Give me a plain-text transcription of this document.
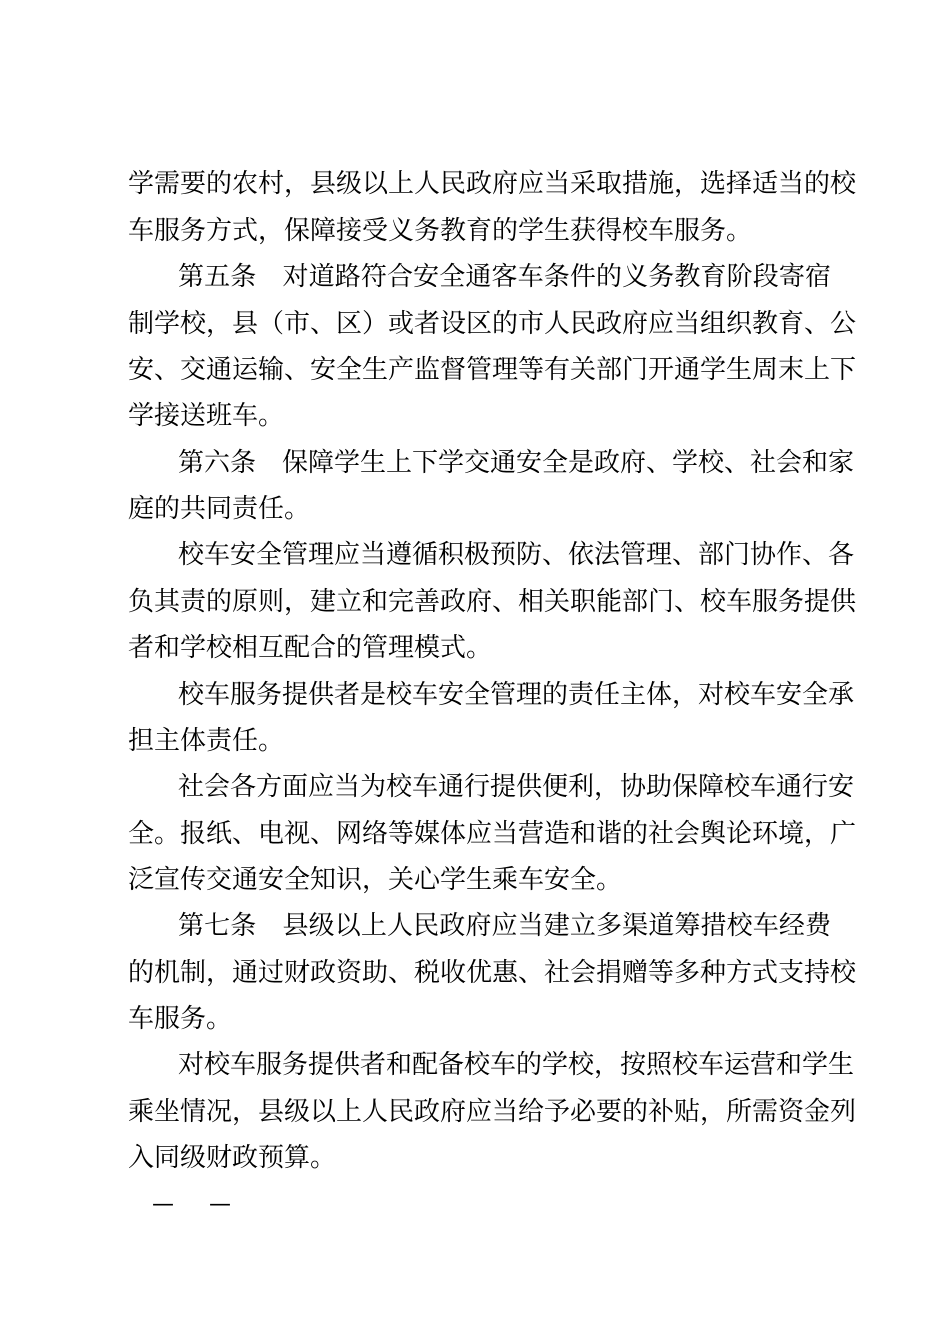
学需要的农村，县级以上人民政府应当采取措施，选择适当的校
车服务方式，保障接受义务教育的学生获得校车服务。
第五条　对道路符合安全通客车条件的义务教育阶段寄宿
制学校，县（市、区）或者设区的市人民政府应当组织教育、公
安、交通运输、安全生产监督管理等有关部门开通学生周末上下
学接送班车。
第六条　保障学生上下学交通安全是政府、学校、社会和家
庭的共同责任。
校车安全管理应当遵循积极预防、依法管理、部门协作、各
负其责的原则，建立和完善政府、相关职能部门、校车服务提供
者和学校相互配合的管理模式。
校车服务提供者是校车安全管理的责任主体，对校车安全承
担主体责任。
社会各方面应当为校车通行提供便利，协助保障校车通行安
全。报纸、电视、网络等媒体应当营造和谐的社会舆论环境，广
泛宣传交通安全知识，关心学生乘车安全。
第七条　县级以上人民政府应当建立多渠道筹措校车经费
的机制，通过财政资助、税收优惠、社会捐赠等多种方式支持校
车服务。
对校车服务提供者和配备校车的学校，按照校车运营和学生
乘坐情况，县级以上人民政府应当给予必要的补贴，所需资金列
入同级财政预算。
— —
